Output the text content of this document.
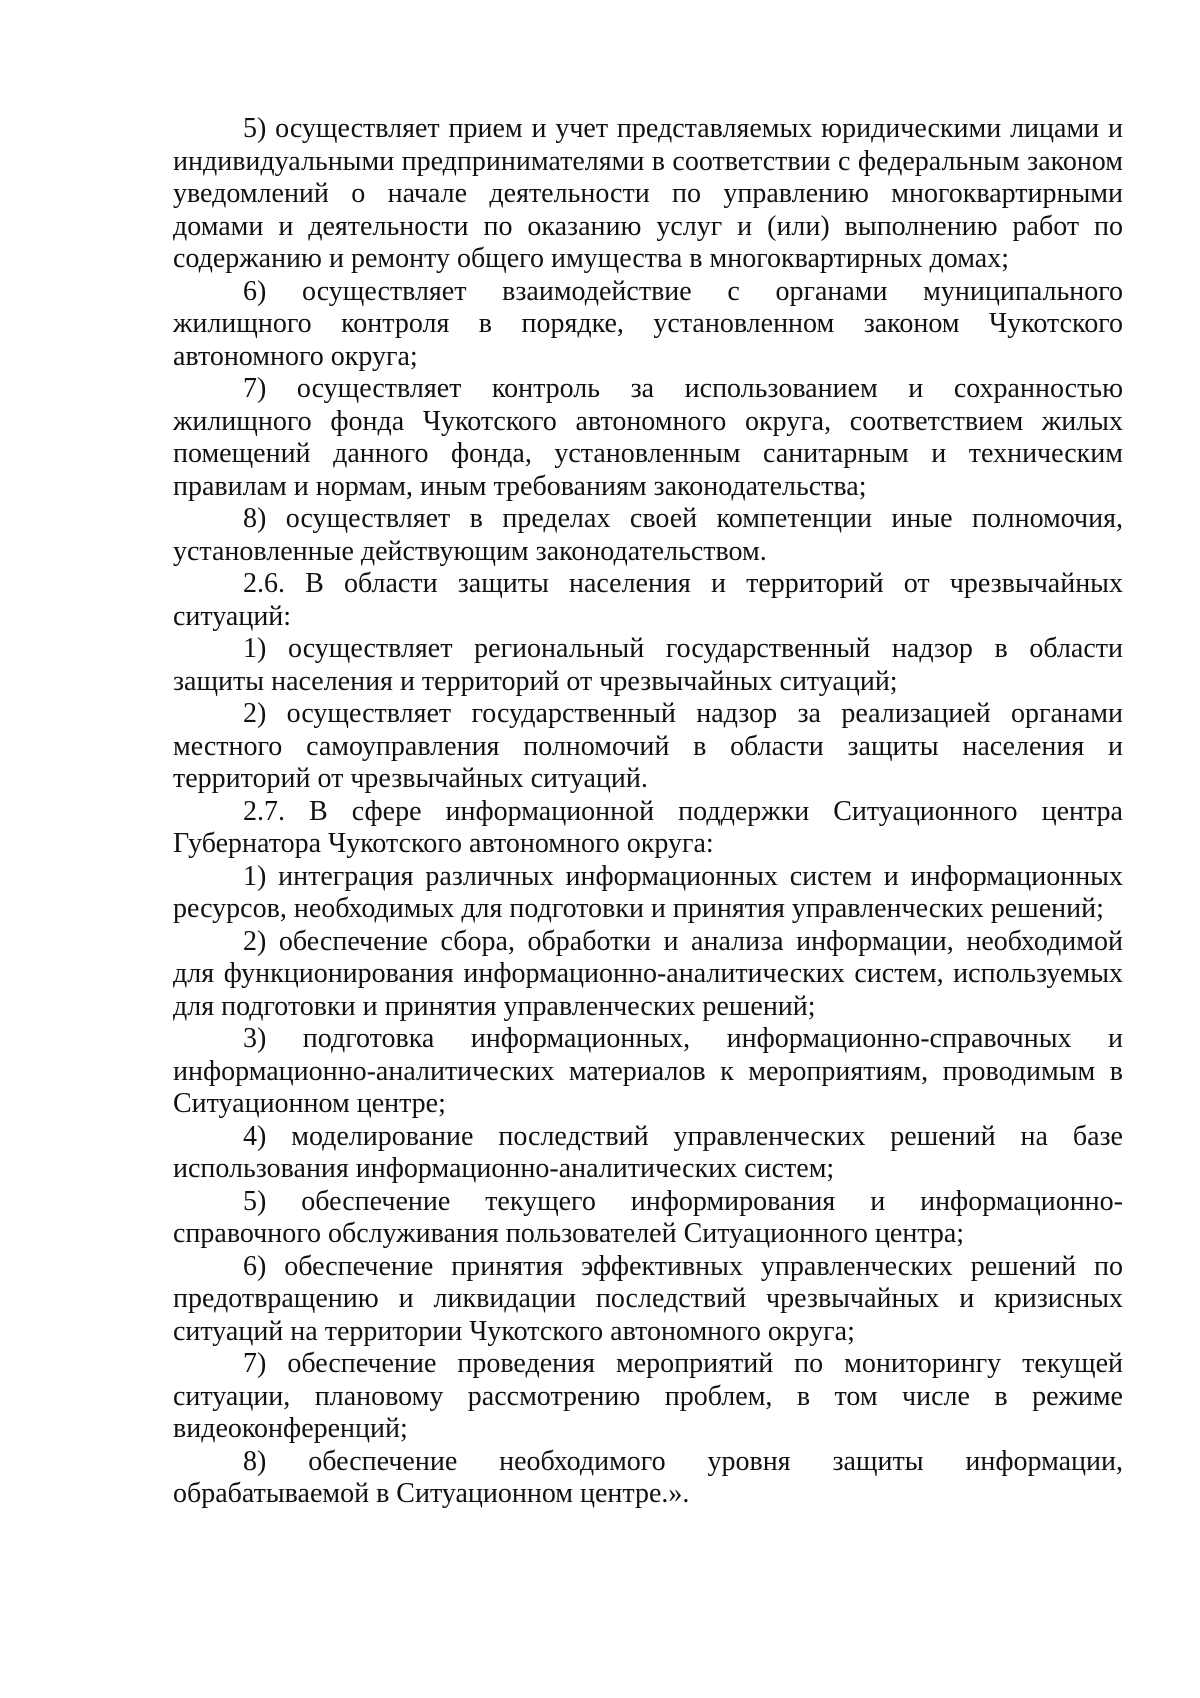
5) осуществляет прием и учет представляемых юридическими лицами и индивидуальными предпринимателями в соответствии с федеральным законом уведомлений о начале деятельности по управлению многоквартирными домами и деятельности по оказанию услуг и (или) выполнению работ по содержанию и ремонту общего имущества в многоквартирных домах;

6) осуществляет взаимодействие с органами муниципального жилищного контроля в порядке, установленном законом Чукотского автономного округа;

7) осуществляет контроль за использованием и сохранностью жилищного фонда Чукотского автономного округа, соответствием жилых помещений данного фонда, установленным санитарным и техническим правилам и нормам, иным требованиям законодательства;

8) осуществляет в пределах своей компетенции иные полномочия, установленные действующим законодательством.

2.6. В области защиты населения и территорий от чрезвычайных ситуаций:

1) осуществляет региональный государственный надзор в области защиты населения и территорий от чрезвычайных ситуаций;

2) осуществляет государственный надзор за реализацией органами местного самоуправления полномочий в области защиты населения и территорий от чрезвычайных ситуаций.

2.7. В сфере информационной поддержки Ситуационного центра Губернатора Чукотского автономного округа:

1) интеграция различных информационных систем и информационных ресурсов, необходимых для подготовки и принятия управленческих решений;

2) обеспечение сбора, обработки и анализа информации, необходимой для функционирования информационно-аналитических систем, используемых для подготовки и принятия управленческих решений;

3) подготовка информационных, информационно-справочных и информационно-аналитических материалов к мероприятиям, проводимым в Ситуационном центре;

4) моделирование последствий управленческих решений на базе использования информационно-аналитических систем;

5) обеспечение текущего информирования и информационно-справочного обслуживания пользователей Ситуационного центра;

6) обеспечение принятия эффективных управленческих решений по предотвращению и ликвидации последствий чрезвычайных и кризисных ситуаций на территории Чукотского автономного округа;

7) обеспечение проведения мероприятий по мониторингу текущей ситуации, плановому рассмотрению проблем, в том числе в режиме видеоконференций;

8) обеспечение необходимого уровня защиты информации, обрабатываемой в Ситуационном центре.».
